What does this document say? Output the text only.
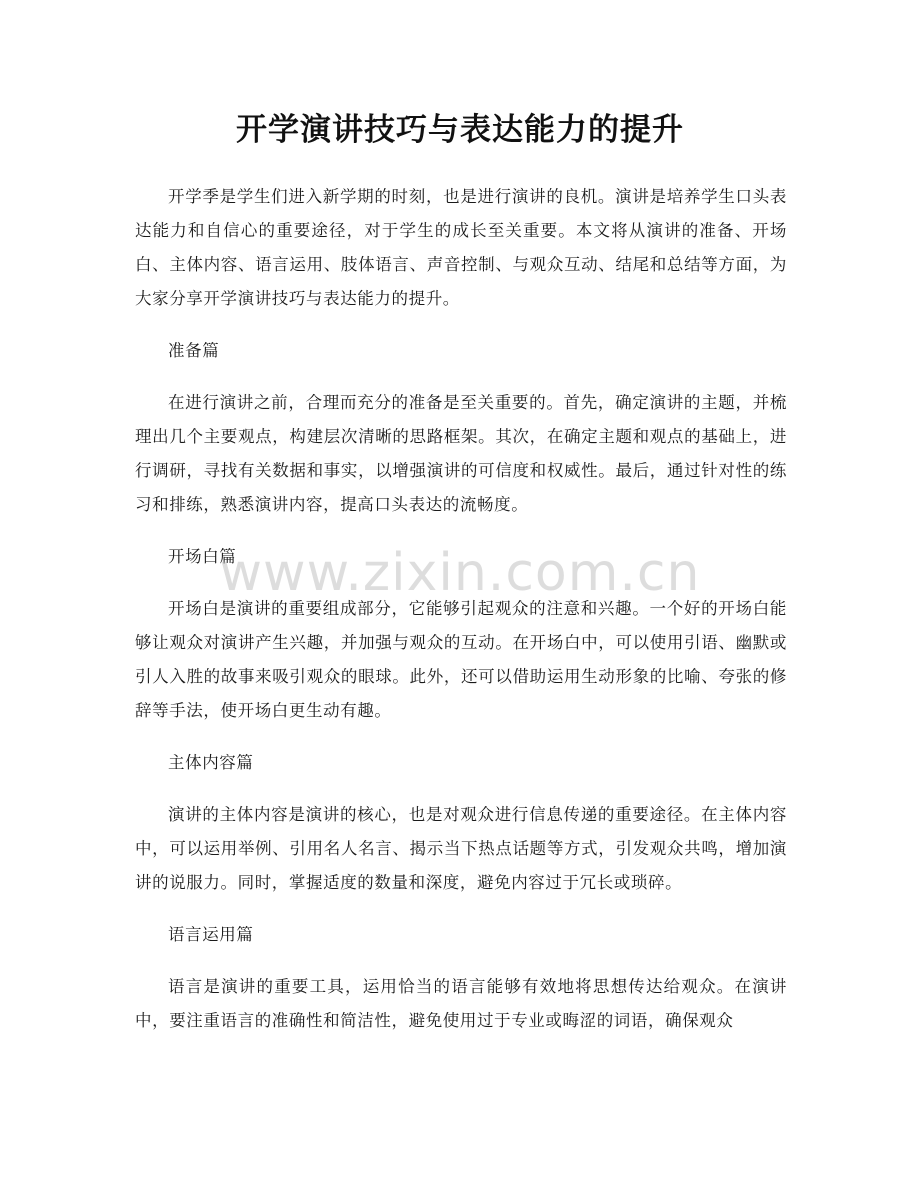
开学演讲技巧与表达能力的提升

开学季是学生们进入新学期的时刻，也是进行演讲的良机。演讲是培养学生口头表达能力和自信心的重要途径，对于学生的成长至关重要。本文将从演讲的准备、开场白、主体内容、语言运用、肢体语言、声音控制、与观众互动、结尾和总结等方面，为大家分享开学演讲技巧与表达能力的提升。

准备篇

在进行演讲之前，合理而充分的准备是至关重要的。首先，确定演讲的主题，并梳理出几个主要观点，构建层次清晰的思路框架。其次，在确定主题和观点的基础上，进行调研，寻找有关数据和事实，以增强演讲的可信度和权威性。最后，通过针对性的练习和排练，熟悉演讲内容，提高口头表达的流畅度。

开场白篇

开场白是演讲的重要组成部分，它能够引起观众的注意和兴趣。一个好的开场白能够让观众对演讲产生兴趣，并加强与观众的互动。在开场白中，可以使用引语、幽默或引人入胜的故事来吸引观众的眼球。此外，还可以借助运用生动形象的比喻、夸张的修辞等手法，使开场白更生动有趣。

主体内容篇

演讲的主体内容是演讲的核心，也是对观众进行信息传递的重要途径。在主体内容中，可以运用举例、引用名人名言、揭示当下热点话题等方式，引发观众共鸣，增加演讲的说服力。同时，掌握适度的数量和深度，避免内容过于冗长或琐碎。

语言运用篇

语言是演讲的重要工具，运用恰当的语言能够有效地将思想传达给观众。在演讲中，要注重语言的准确性和简洁性，避免使用过于专业或晦涩的词语，确保观众

www.zixin.com.cn
